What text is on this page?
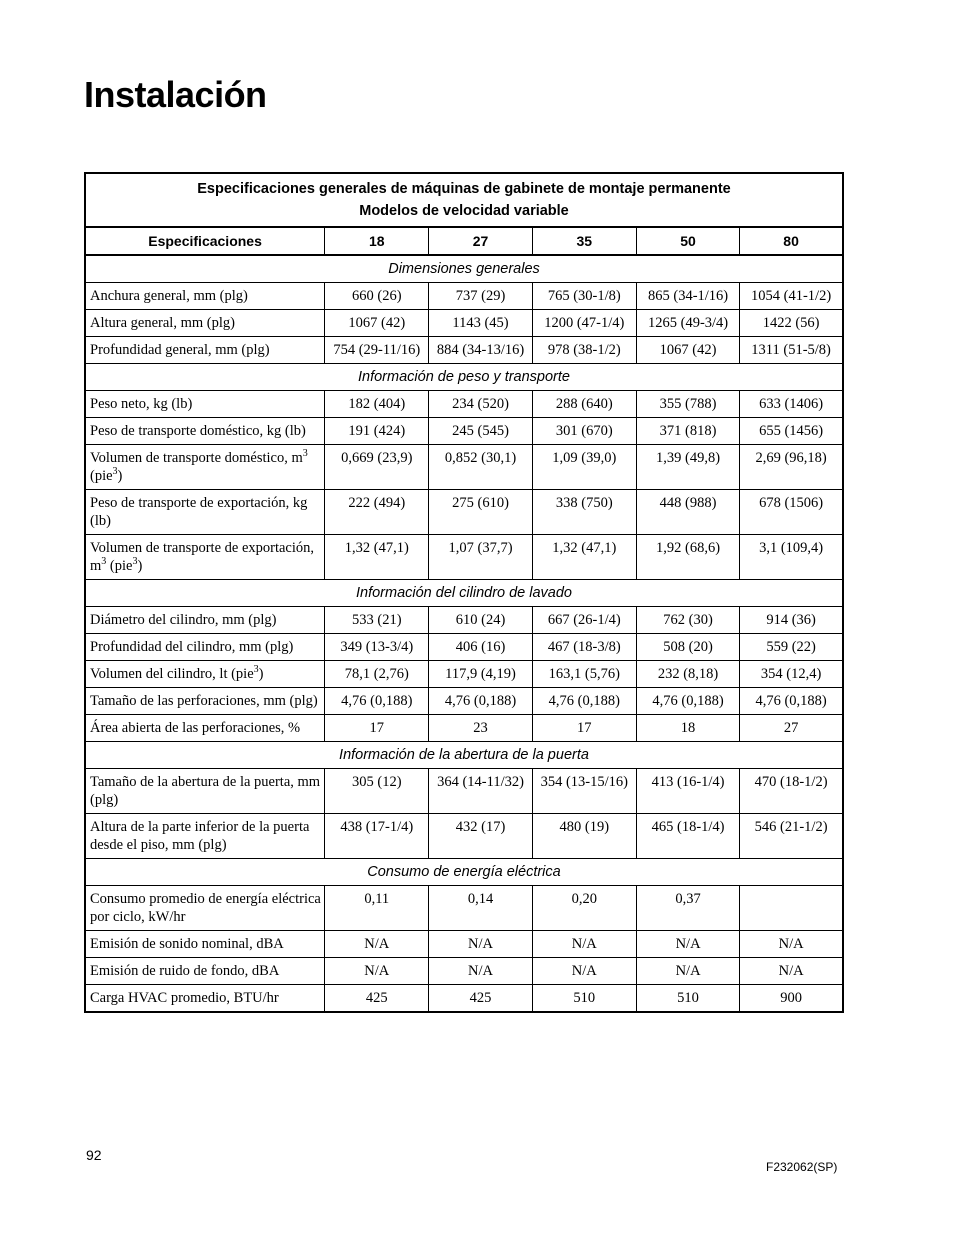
Instalación
Especificaciones generales de máquinas de gabinete de montaje permanente
Modelos de velocidad variable					

Especificaciones	18	27	35	50	80
Dimensiones generales					
Anchura general, mm (plg)	660 (26)	737 (29)	765 (30-1/8)	865 (34-1/16)	1054 (41-1/2)
Altura general, mm (plg)	1067 (42)	1143 (45)	1200 (47-1/4)	1265 (49-3/4)	1422 (56)
Profundidad general, mm (plg)	754 (29-11/16)	884 (34-13/16)	978 (38-1/2)	1067 (42)	1311 (51-5/8)
Información de peso y transporte					
Peso neto, kg (lb)	182 (404)	234 (520)	288 (640)	355 (788)	633 (1406)
Peso de transporte doméstico, kg (lb)	191 (424)	245 (545)	301 (670)	371 (818)	655 (1456)
Volumen de transporte doméstico, $m^3$ (pie$^3$)	0,669 (23,9)	0,852 (30,1)	1,09 (39,0)	1,39 (49,8)	2,69 (96,18)
Peso de transporte de exportación, kg (lb)	222 (494)	275 (610)	338 (750)	448 (988)	678 (1506)
Volumen de transporte de exportación, $m^3$ (pie$^3$)	1,32 (47,1)	1,07 (37,7)	1,32 (47,1)	1,92 (68,6)	3,1 (109,4)
Información del cilindro de lavado					
Diámetro del cilindro, mm (plg)	533 (21)	610 (24)	667 (26-1/4)	762 (30)	914 (36)
Profundidad del cilindro, mm (plg)	349 (13-3/4)	406 (16)	467 (18-3/8)	508 (20)	559 (22)
Volumen del cilindro, lt (pie$^3$)	78,1 (2,76)	117,9 (4,19)	163,1 (5,76)	232 (8,18)	354 (12,4)
Tamaño de las perforaciones, mm (plg)	4,76 (0,188)	4,76 (0,188)	4,76 (0,188)	4,76 (0,188)	4,76 (0,188)
Área abierta de las perforaciones, %	17	23	17	18	27
Información de la abertura de la puerta					
Tamaño de la abertura de la puerta, mm (plg)	305 (12)	364 (14-11/32)	354 (13-15/16)	413 (16-1/4)	470 (18-1/2)
Altura de la parte inferior de la puerta desde el piso, mm (plg)	438 (17-1/4)	432 (17)	480 (19)	465 (18-1/4)	546 (21-1/2)
Consumo de energía eléctrica					
Consumo promedio de energía eléctrica por ciclo, kW/hr	0,11	0,14	0,20	0,37	
Emisión de sonido nominal, dBA	N/A	N/A	N/A	N/A	N/A
Emisión de ruido de fondo, dBA	N/A	N/A	N/A	N/A	N/A
Carga HVAC promedio, BTU/hr	425	425	510	510	900
92
F232062(SP)
